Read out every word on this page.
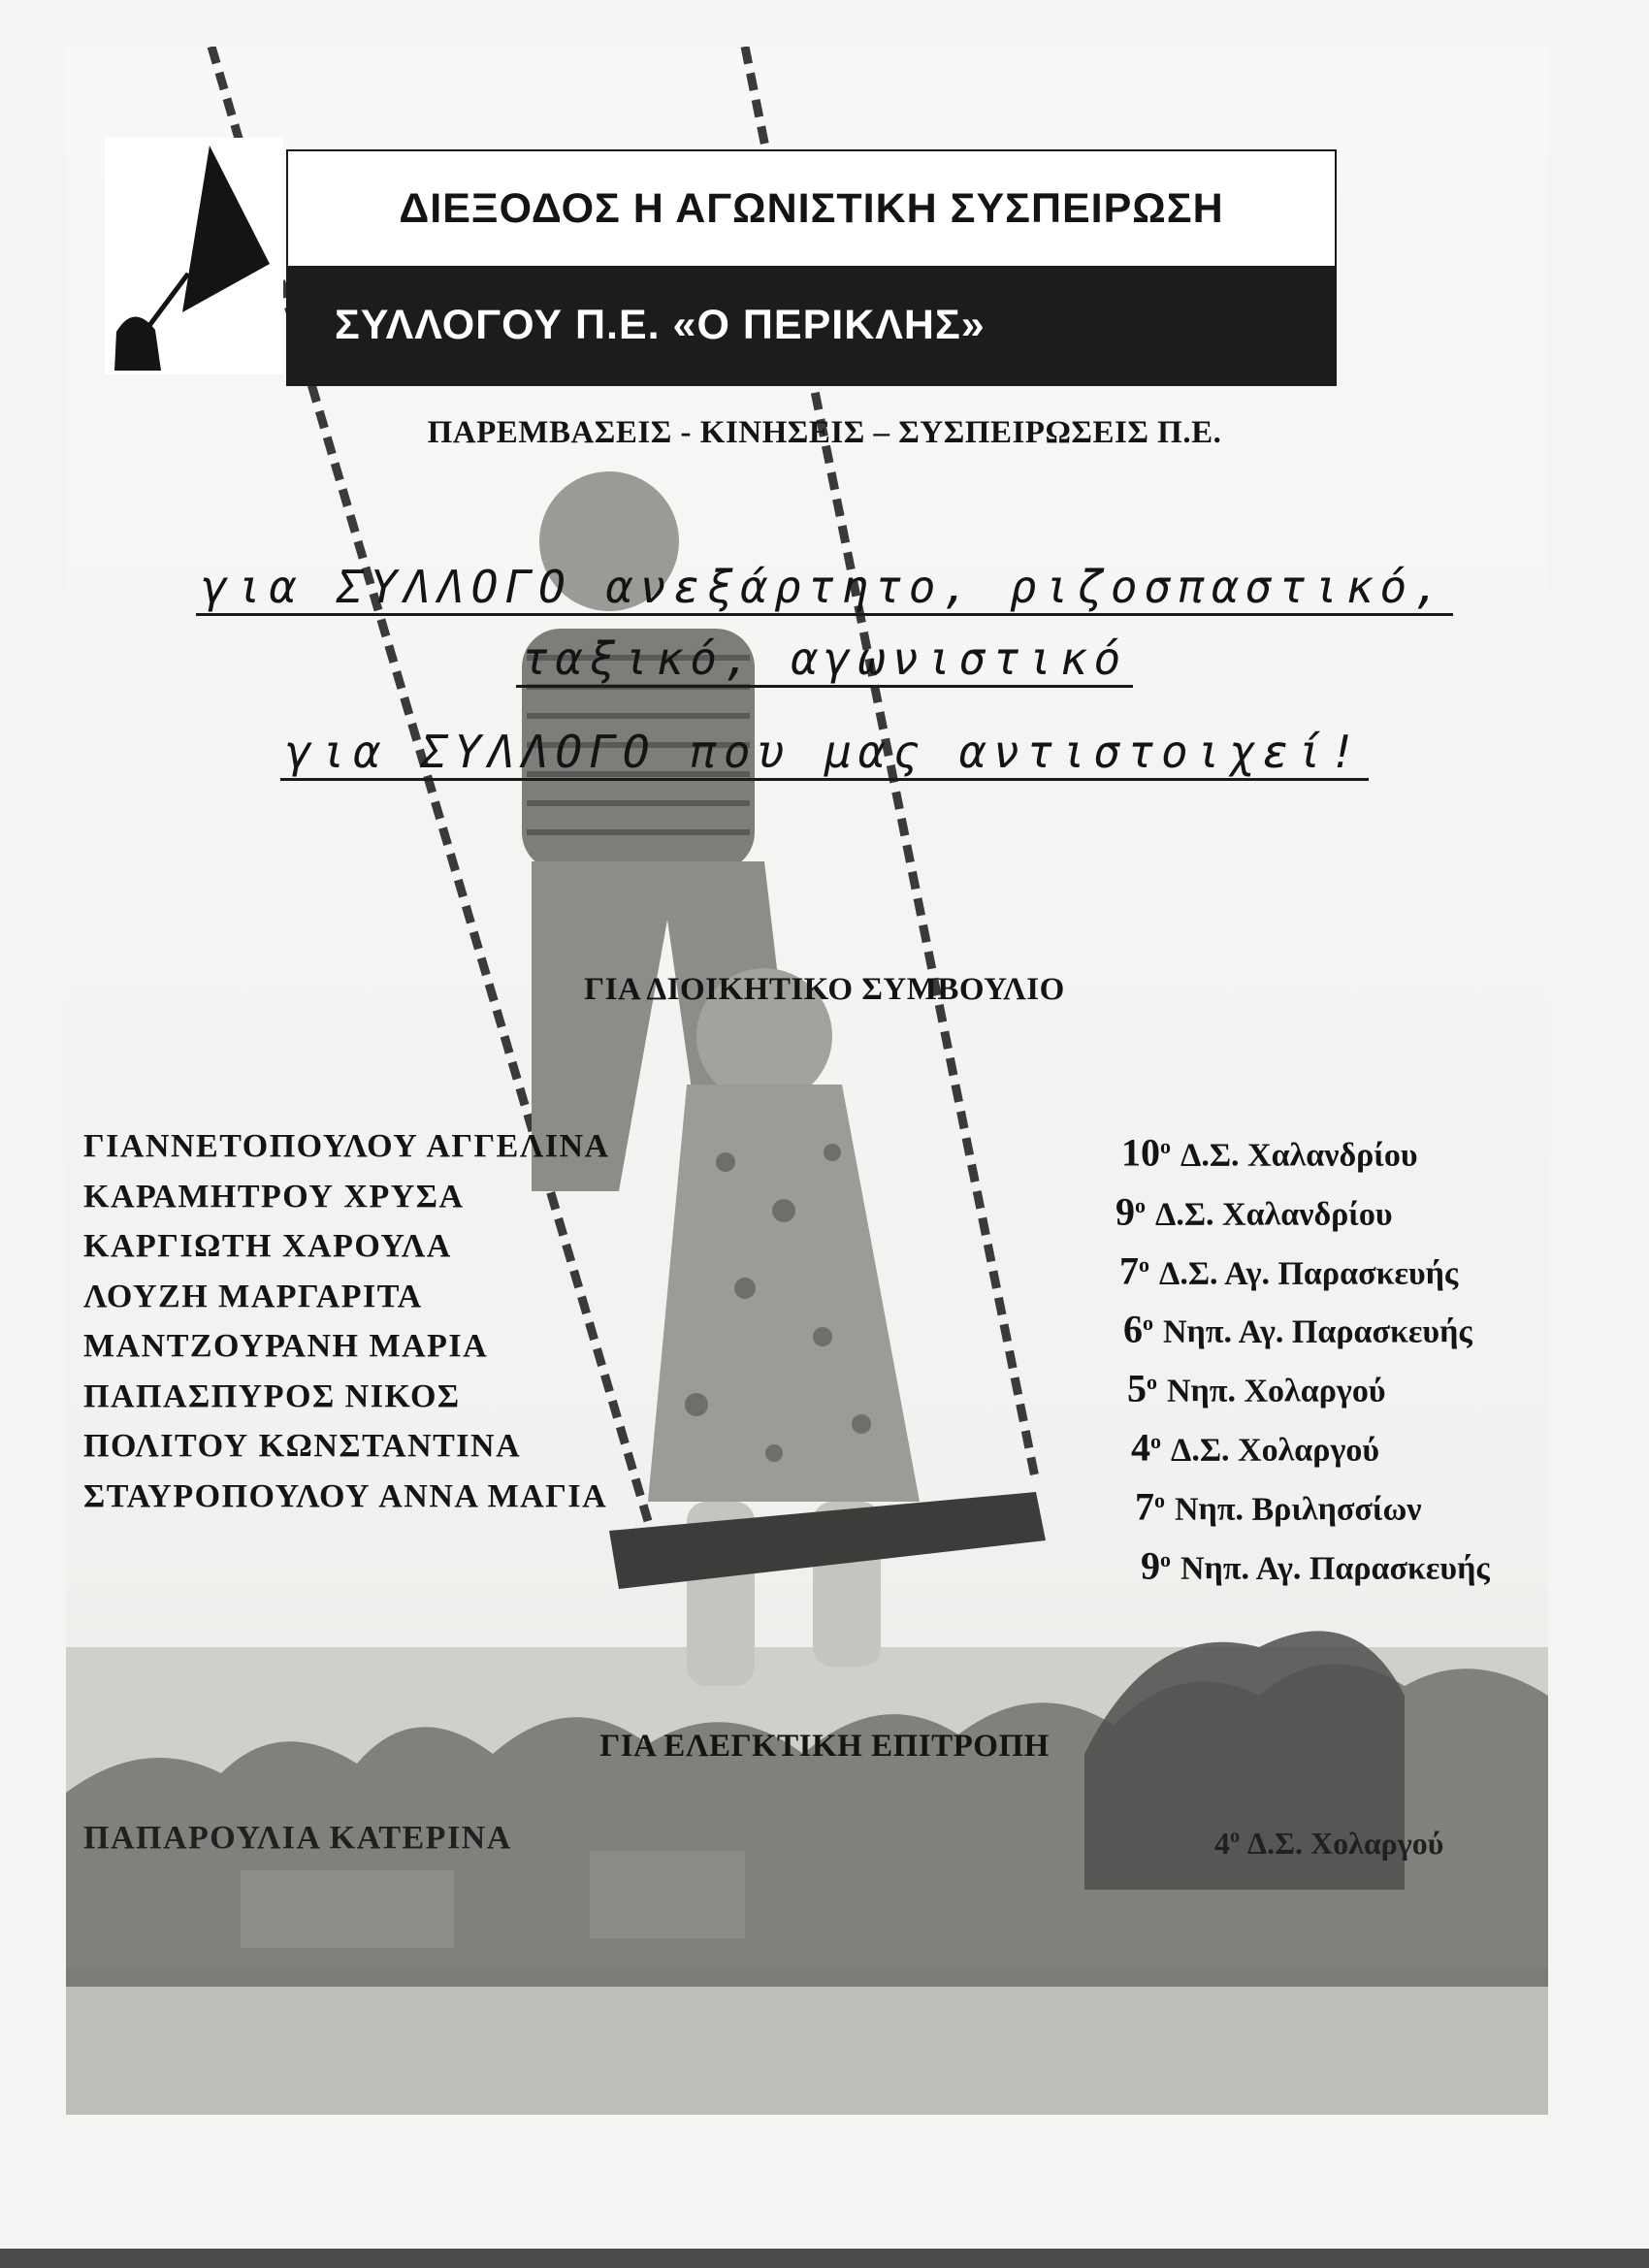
ΔΙΕΞΟΔΟΣ Η ΑΓΩΝΙΣΤΙΚΗ ΣΥΣΠΕΙΡΩΣΗ
ΣΥΛΛΟΓΟΥ Π.Ε. «Ο ΠΕΡΙΚΛΗΣ»
ΠΑΡΕΜΒΑΣΕΙΣ - ΚΙΝΗΣΕΙΣ – ΣΥΣΠΕΙΡΩΣΕΙΣ Π.Ε.
για ΣΥΛΛΟΓΟ ανεξάρτητο, ριζοσπαστικό,
ταξικό, αγωνιστικό
για ΣΥΛΛΟΓΟ που μας αντιστοιχεί!
ΓΙΑ ΔΙΟΙΚΗΤΙΚΟ ΣΥΜΒΟΥΛΙΟ
ΓΙΑΝΝΕΤΟΠΟΥΛΟΥ ΑΓΓΕΛΙΝΑ
ΚΑΡΑΜΗΤΡΟΥ ΧΡΥΣΑ
ΚΑΡΓΙΩΤΗ ΧΑΡΟΥΛΑ
ΛΟΥΖΗ ΜΑΡΓΑΡΙΤΑ
ΜΑΝΤΖΟΥΡΑΝΗ ΜΑΡΙΑ
ΠΑΠΑΣΠΥΡΟΣ ΝΙΚΟΣ
ΠΟΛΙΤΟΥ ΚΩΝΣΤΑΝΤΙΝΑ
ΣΤΑΥΡΟΠΟΥΛΟΥ ΑΝΝΑ ΜΑΓΙΑ
$10^o$ Δ.Σ. Χαλανδρίου
$9^o$ Δ.Σ. Χαλανδρίου
$7^o$ Δ.Σ. Αγ. Παρασκευής
$6^o$ Νηπ. Αγ. Παρασκευής
$5^o$ Νηπ. Χολαργού
$4^o$ Δ.Σ. Χολαργού
$7^o$ Νηπ. Βριλησσίων
$9^o$ Νηπ. Αγ. Παρασκευής
ΓΙΑ ΕΛΕΓΚΤΙΚΗ ΕΠΙΤΡΟΠΗ
ΠΑΠΑΡΟΥΛΙΑ ΚΑΤΕΡΙΝΑ	$4^o$ Δ.Σ. Χολαργού
